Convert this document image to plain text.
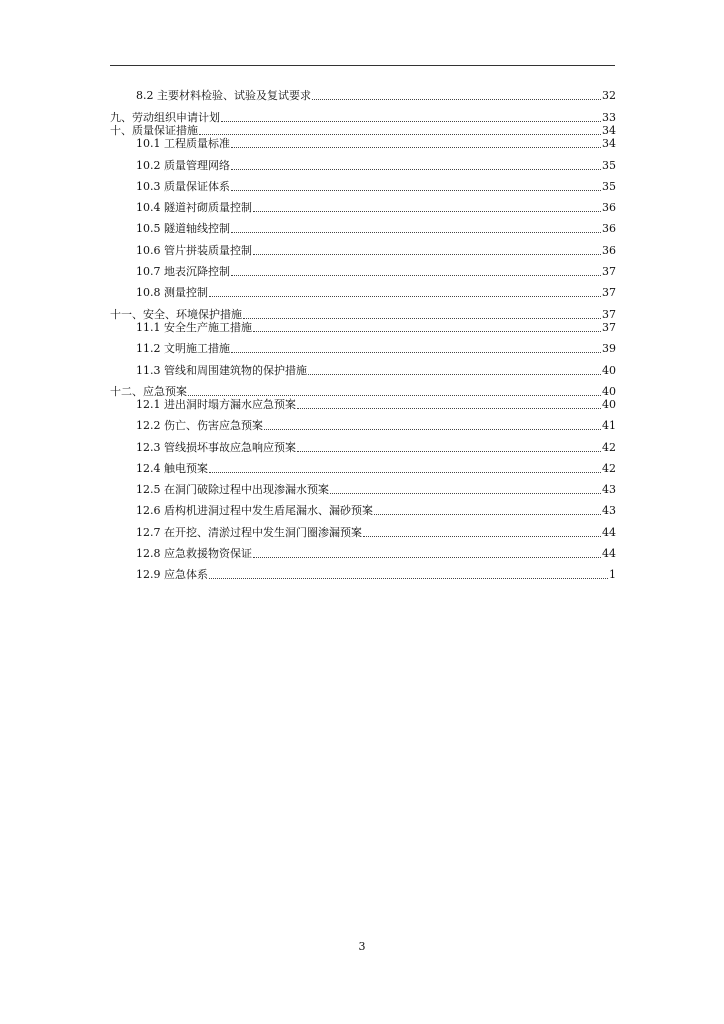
8.2 主要材料检验、试验及复试要求	32
九、劳动组织申请计划	33
十、质量保证措施	34
10.1 工程质量标准	34
10.2 质量管理网络	35
10.3 质量保证体系	35
10.4 隧道衬砌质量控制	36
10.5 隧道轴线控制	36
10.6 管片拼装质量控制	36
10.7 地表沉降控制	37
10.8 测量控制	37
十一、安全、环境保护措施	37
11.1 安全生产施工措施	37
11.2 文明施工措施	39
11.3 管线和周围建筑物的保护措施	40
十二、应急预案	40
12.1 进出洞时塌方漏水应急预案	40
12.2 伤亡、伤害应急预案	41
12.3 管线损坏事故应急响应预案	42
12.4 触电预案	42
12.5 在洞门破除过程中出现渗漏水预案	43
12.6 盾构机进洞过程中发生盾尾漏水、漏砂预案	43
12.7 在开挖、清淤过程中发生洞门圈渗漏预案	44
12.8 应急救援物资保证	44
12.9 应急体系	1
3
